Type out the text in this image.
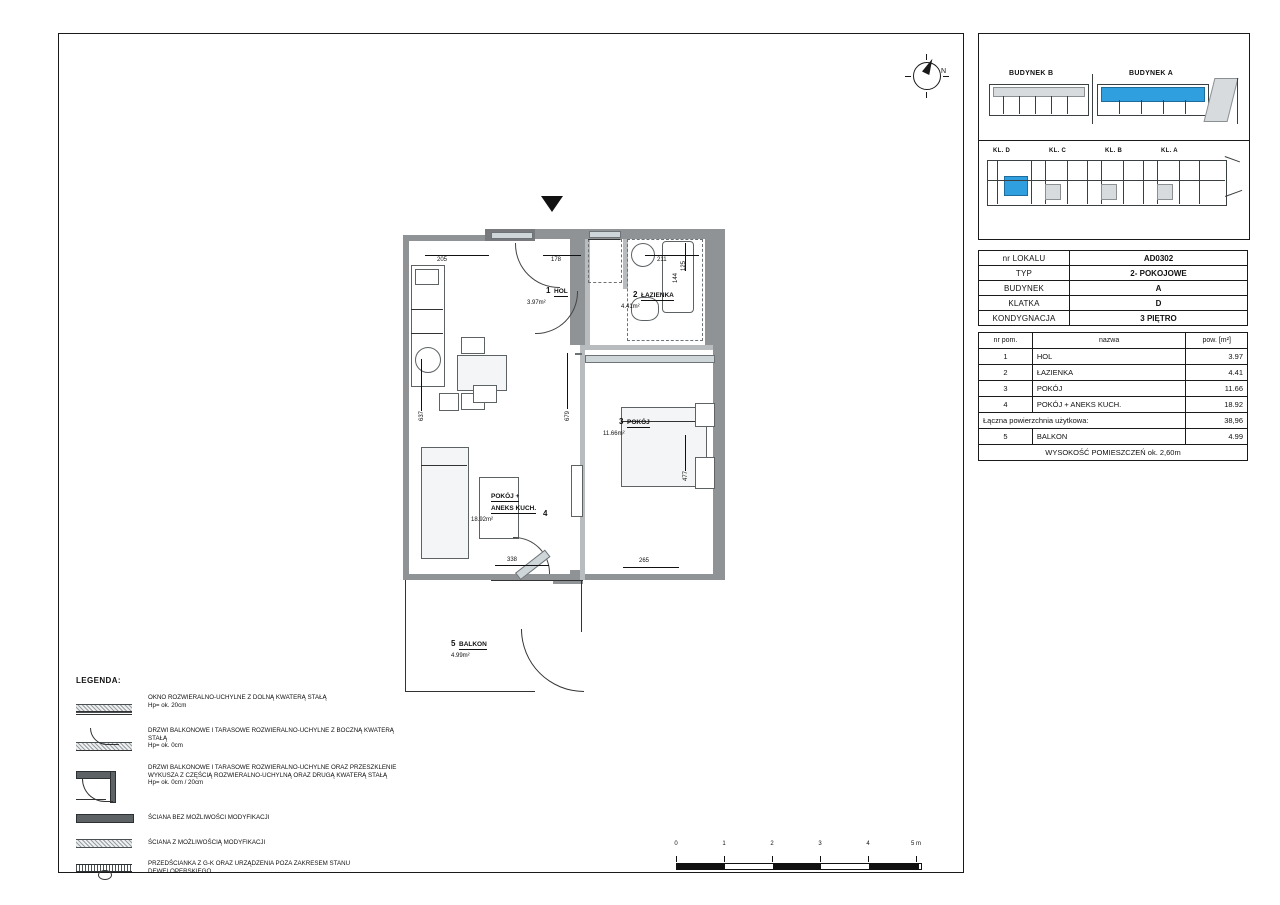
N
4
POKÓJ +
ANEKS KUCH.
18.92m²
1 HOL
3.97m²
2 ŁAZIENKA
4.41m²
3 POKÓJ
11.66m²
5 BALKON
4.99m²
205	178	211
125
144
637	679
477
338	265
BUDYNEK B	BUDYNEK A
KL. D	KL. C	KL. B	KL. A
nr LOKALU	AD0302
TYP	2- POKOJOWE
BUDYNEK	A
KLATKA	D
KONDYGNACJA	3 PIĘTRO
nr pom.	nazwa	pow. [m²]
1	HOL	3.97
2	ŁAZIENKA	4.41
3	POKÓJ	11.66
4	POKÓJ + ANEKS KUCH.	18.92
Łączna powierzchnia użytkowa:		38,96
5	BALKON	4.99
WYSOKOŚĆ POMIESZCZEŃ ok. 2,60m		
LEGENDA:
OKNO ROZWIERALNO-UCHYLNE Z DOLNĄ KWATERĄ STAŁĄ
Hp= ok. 20cm
DRZWI BALKONOWE I TARASOWE ROZWIERALNO-UCHYLNE Z BOCZNĄ KWATERĄ STAŁĄ
Hp= ok. 0cm
DRZWI BALKONOWE I TARASOWE ROZWIERALNO-UCHYLNE ORAZ PRZESZKLENIE WYKUSZA Z CZĘŚCIĄ ROZWIERALNO-UCHYLNĄ ORAZ DRUGĄ KWATERĄ STAŁĄ
Hp= ok. 0cm / 20cm
ŚCIANA BEZ MOŻLIWOŚCI MODYFIKACJI
ŚCIANA Z MOŻLIWOŚCIĄ MODYFIKACJI
PRZEDŚCIANKA Z G-K ORAZ URZĄDZENIA POZA ZAKRESEM STANU DEWELOPERSKIEGO
0	1	2	3	4	5 m
